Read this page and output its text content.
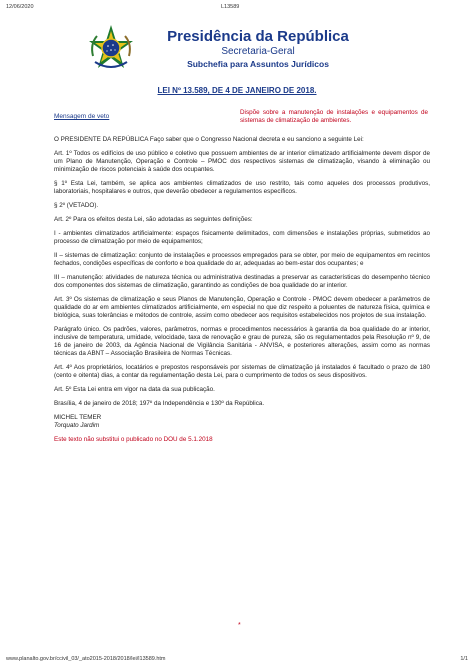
12/06/2020	L13589
Presidência da República
Secretaria-Geral
Subchefia para Assuntos Jurídicos
LEI Nº 13.589, DE 4 DE JANEIRO DE 2018.
Mensagem de veto
Dispõe sobre a manutenção de instalações e equipamentos de sistemas de climatização de ambientes.

O PRESIDENTE DA REPÚBLICA Faço saber que o Congresso Nacional decreta e eu sanciono a seguinte Lei:

Art. 1º Todos os edifícios de uso público e coletivo que possuem ambientes de ar interior climatizado artificialmente devem dispor de um Plano de Manutenção, Operação e Controle – PMOC dos respectivos sistemas de climatização, visando à eliminação ou minimização de riscos potenciais à saúde dos ocupantes.

§ 1º Esta Lei, também, se aplica aos ambientes climatizados de uso restrito, tais como aqueles dos processos produtivos, laboratoriais, hospitalares e outros, que deverão obedecer a regulamentos específicos.

§ 2º (VETADO).

Art. 2º Para os efeitos desta Lei, são adotadas as seguintes definições:

I - ambientes climatizados artificialmente: espaços fisicamente delimitados, com dimensões e instalações próprias, submetidos ao processo de climatização por meio de equipamentos;

II – sistemas de climatização: conjunto de instalações e processos empregados para se obter, por meio de equipamentos em recintos fechados, condições específicas de conforto e boa qualidade do ar, adequadas ao bem-estar dos ocupantes; e

III – manutenção: atividades de natureza técnica ou administrativa destinadas a preservar as características do desempenho técnico dos componentes dos sistemas de climatização, garantindo as condições de boa qualidade do ar interior.

Art. 3º Os sistemas de climatização e seus Planos de Manutenção, Operação e Controle - PMOC devem obedecer a parâmetros de qualidade do ar em ambientes climatizados artificialmente, em especial no que diz respeito a poluentes de natureza física, química e biológica, suas tolerâncias e métodos de controle, assim como obedecer aos requisitos estabelecidos nos projetos de sua instalação.

Parágrafo único. Os padrões, valores, parâmetros, normas e procedimentos necessários à garantia da boa qualidade do ar interior, inclusive de temperatura, umidade, velocidade, taxa de renovação e grau de pureza, são os regulamentados pela Resolução nº 9, de 16 de janeiro de 2003, da Agência Nacional de Vigilância Sanitária - ANVISA, e posteriores alterações, assim como as normas técnicas da ABNT – Associação Brasileira de Normas Técnicas.

Art. 4º Aos proprietários, locatários e prepostos responsáveis por sistemas de climatização já instalados é facultado o prazo de 180 (cento e oitenta) dias, a contar da regulamentação desta Lei, para o cumprimento de todos os seus dispositivos.

Art. 5º Esta Lei entra em vigor na data da sua publicação.

Brasília, 4 de janeiro de 2018; 197º da Independência e 130º da República.

MICHEL TEMER
Torquato Jardim
Este texto não substitui o publicado no DOU de 5.1.2018
*
www.planalto.gov.br/ccivil_03/_ato2015-2018/2018/lei/l13589.htm	1/1
